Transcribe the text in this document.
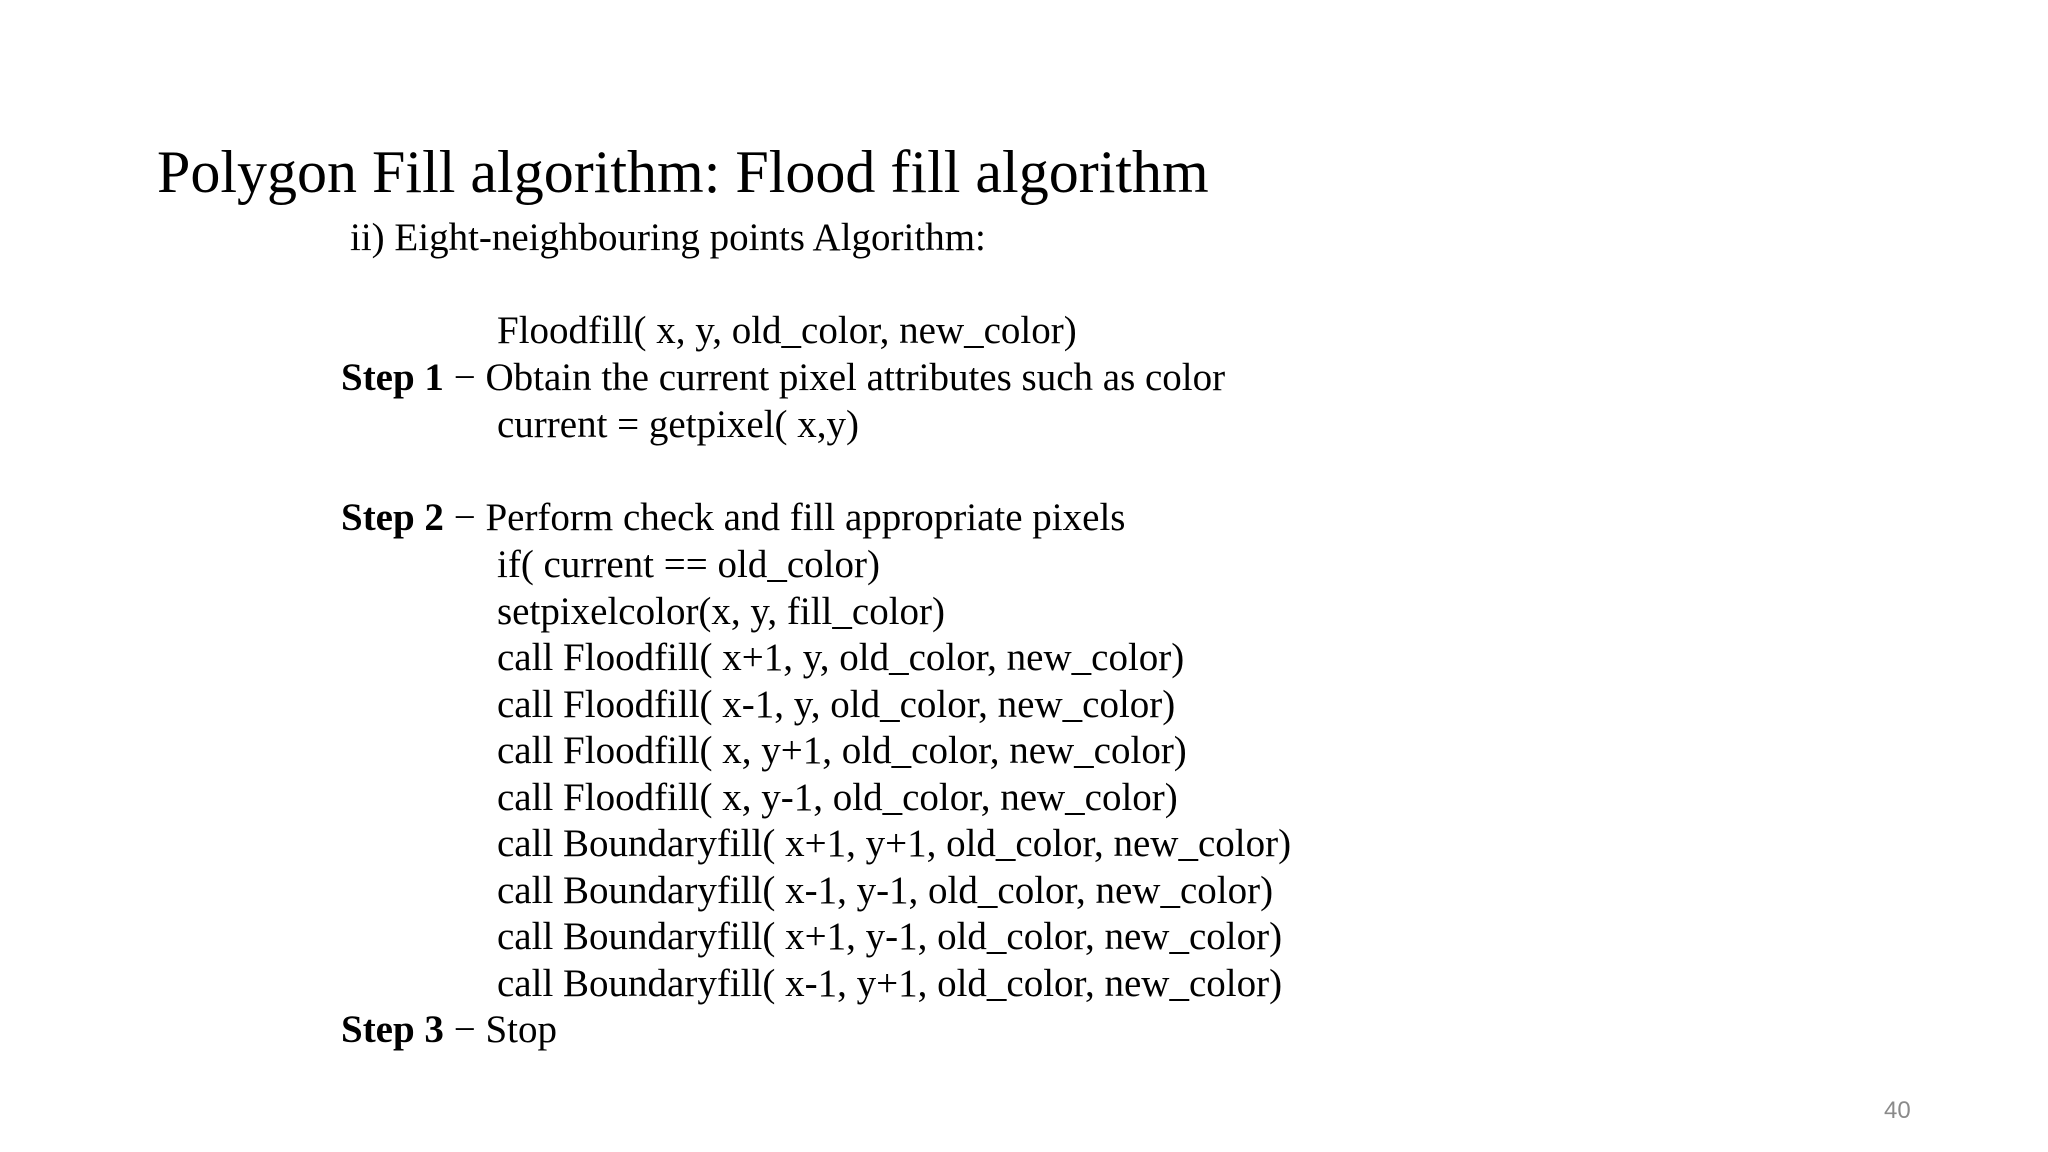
Polygon Fill algorithm: Flood fill algorithm
ii) Eight-neighbouring points Algorithm:
Floodfill( x, y, old_color, new_color)
Step 1 − Obtain the current pixel attributes such as color
current = getpixel( x,y)
Step 2 − Perform check and fill appropriate pixels
if( current == old_color)
setpixelcolor(x, y, fill_color)
call Floodfill( x+1, y, old_color, new_color)
call Floodfill( x-1, y, old_color, new_color)
call Floodfill( x, y+1, old_color, new_color)
call Floodfill( x, y-1, old_color, new_color)
call Boundaryfill( x+1, y+1, old_color, new_color)
call Boundaryfill( x-1, y-1, old_color, new_color)
call Boundaryfill( x+1, y-1, old_color, new_color)
call Boundaryfill( x-1, y+1, old_color, new_color)
Step 3 − Stop
40
